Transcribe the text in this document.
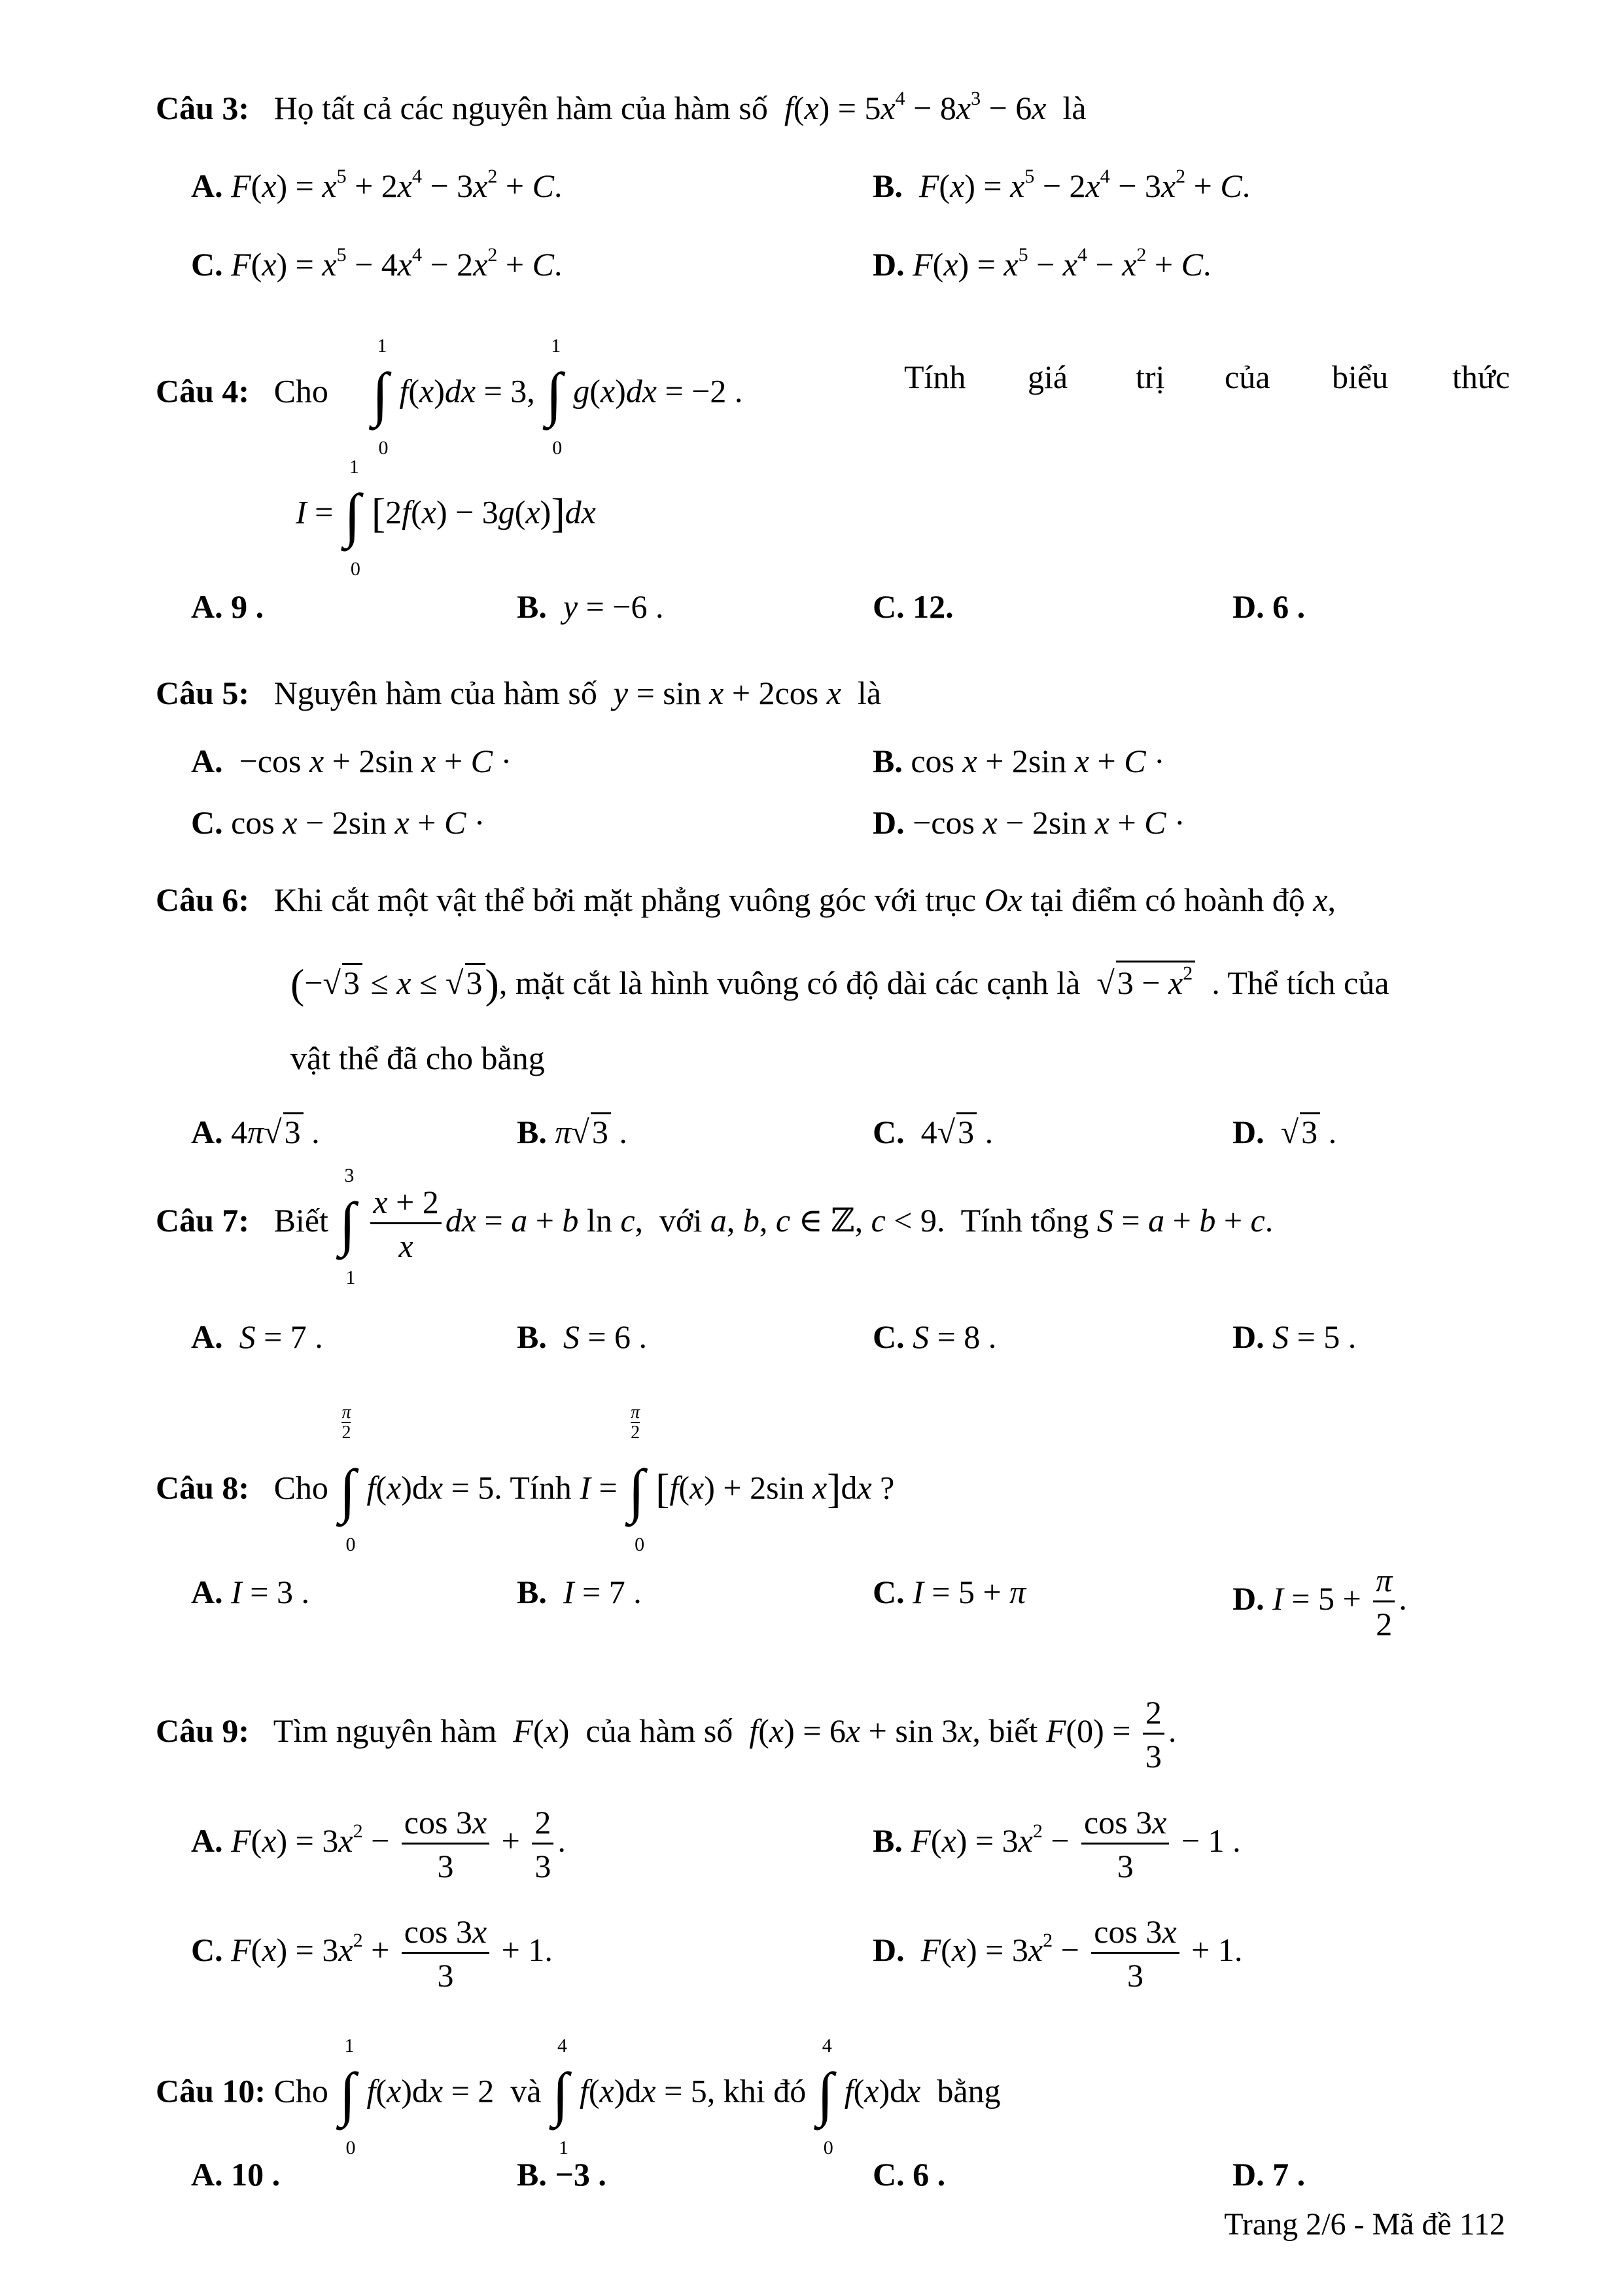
Câu 3: Họ tất cả các nguyên hàm của hàm số $f(x) = 5x^4 - 8x^3 - 6x$ là
A. $F(x) = x^5 + 2x^4 - 3x^2 + C$.	B. $F(x) = x^5 - 2x^4 - 3x^2 + C$.
C. $F(x) = x^5 - 4x^4 - 2x^2 + C$.	D. $F(x) = x^5 - x^4 - x^2 + C$.
Câu 4: Cho
1
∫
0
f(x)dx = 3,
1
∫
0
g(x)dx = −2 .	Tính giá trị của biểu thức
I =
1
∫
0
[2f(x) − 3g(x)]dx
A. 9 .	B. y = −6 .	C. 12.	D. 6 .
Câu 5: Nguyên hàm của hàm số y = sin x + 2cos x là
A.  −cos x + 2sin x + C ·	B. cos x + 2sin x + C ·
C. cos x − 2sin x + C ·	D. −cos x − 2sin x + C ·
Câu 6: Khi cắt một vật thể bởi mặt phẳng vuông góc với trục Ox tại điểm có hoành độ x,
(−√3 ≤ x ≤ √3), mặt cắt là hình vuông có độ dài các cạnh là  $√3 - x^2$ . Thể tích của
vật thể đã cho bằng
A. 4π√3 .	B. π√3 .	C.  4√3 .	D.  √3 .
Câu 7: Biết
3
∫
1
$\frac{x + 2}{x}$ dx = a + b ln c,  với a, b, c ∈ ℤ, c < 9.  Tính tổng S = a + b + c.
A. S = 7 .	B. S = 6 .	C. S = 8 .	D. S = 5 .
Câu 8: Cho
π
2
∫
0
f(x)dx = 5. Tính I =
π
2
∫
0
[f(x) + 2sin x]dx ?
A. I = 3 .	B. I = 7 .	C. I = 5 + π	D. $I = 5 + \frac{\pi}{2}$ .
Câu 9: Tìm nguyên hàm F(x)  của hàm số f(x) = 6x + sin 3x, biết $F(0) = \frac{2}{3}$ .
A. $F(x) = 3x^2 - \frac{\cos 3x}{3} + \frac{2}{3}$ .	B. $F(x) = 3x^2 - \frac{\cos 3x}{3} - 1$ .
C. $F(x) = 3x^2 + \frac{\cos 3x}{3} + 1$.	D. $F(x) = 3x^2 - \frac{\cos 3x}{3} + 1$.
Câu 10: Cho
1
∫
0
f(x)dx = 2  và
4
∫
1
f(x)dx = 5, khi đó
4
∫
0
f(x)dx bằng
A. 10 .	B. −3 .	C. 6 .	D. 7 .
Trang 2/6 - Mã đề 112
